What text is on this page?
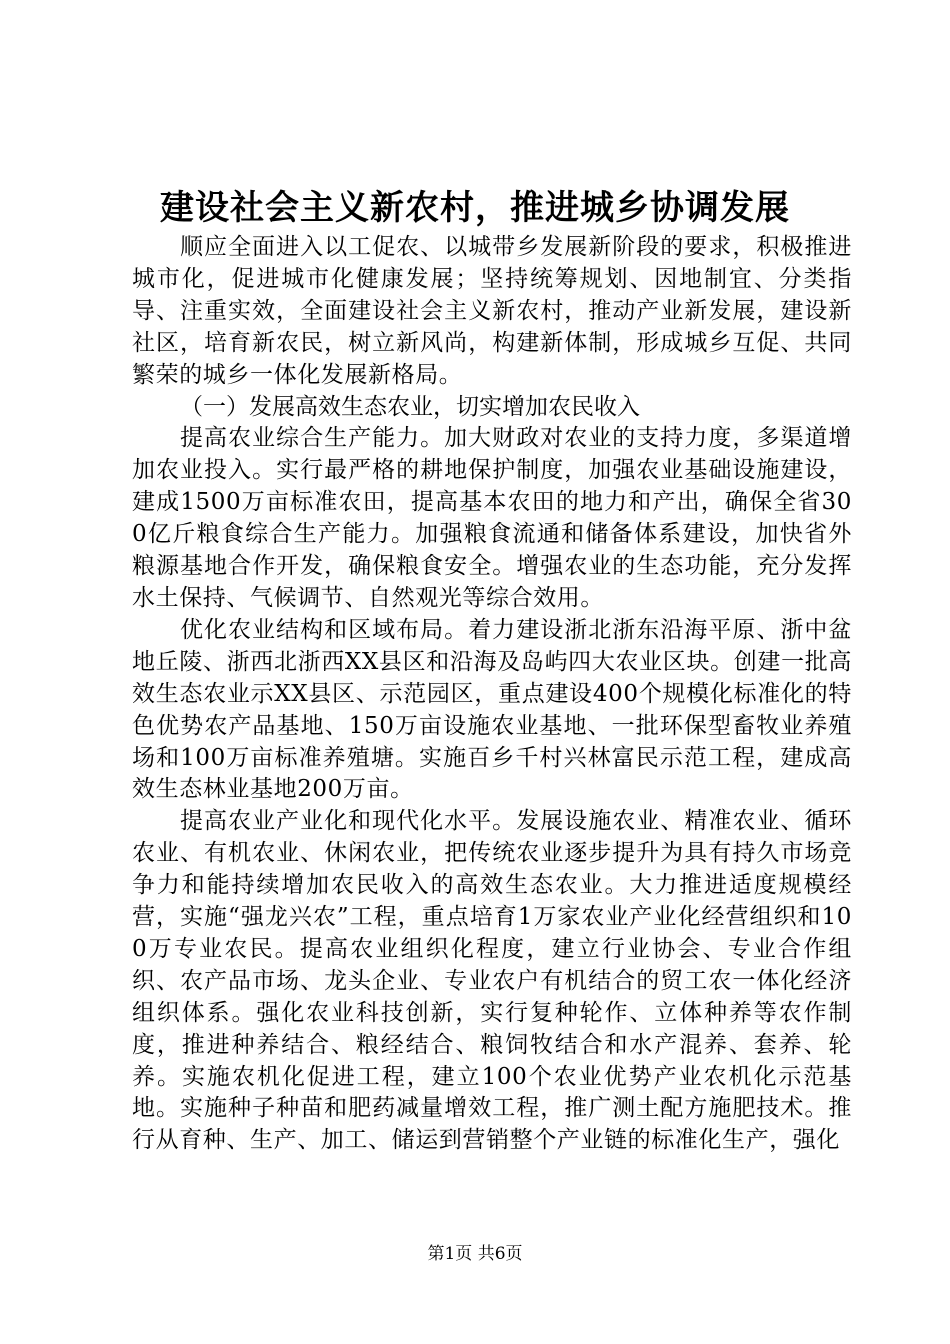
建设社会主义新农村，推进城乡协调发展

顺应全面进入以工促农、以城带乡发展新阶段的要求，积极推进城市化，促进城市化健康发展；坚持统筹规划、因地制宜、分类指导、注重实效，全面建设社会主义新农村，推动产业新发展，建设新社区，培育新农民，树立新风尚，构建新体制，形成城乡互促、共同繁荣的城乡一体化发展新格局。

（一）发展高效生态农业，切实增加农民收入

提高农业综合生产能力。加大财政对农业的支持力度，多渠道增加农业投入。实行最严格的耕地保护制度，加强农业基础设施建设，建成1500万亩标准农田，提高基本农田的地力和产出，确保全省300亿斤粮食综合生产能力。加强粮食流通和储备体系建设，加快省外粮源基地合作开发，确保粮食安全。增强农业的生态功能，充分发挥水土保持、气候调节、自然观光等综合效用。

优化农业结构和区域布局。着力建设浙北浙东沿海平原、浙中盆地丘陵、浙西北浙西XX县区和沿海及岛屿四大农业区块。创建一批高效生态农业示XX县区、示范园区，重点建设400个规模化标准化的特色优势农产品基地、150万亩设施农业基地、一批环保型畜牧业养殖场和100万亩标准养殖塘。实施百乡千村兴林富民示范工程，建成高效生态林业基地200万亩。

提高农业产业化和现代化水平。发展设施农业、精准农业、循环农业、有机农业、休闲农业，把传统农业逐步提升为具有持久市场竞争力和能持续增加农民收入的高效生态农业。大力推进适度规模经营，实施“强龙兴农”工程，重点培育1万家农业产业化经营组织和100万专业农民。提高农业组织化程度，建立行业协会、专业合作组织、农产品市场、龙头企业、专业农户有机结合的贸工农一体化经济组织体系。强化农业科技创新，实行复种轮作、立体种养等农作制度，推进种养结合、粮经结合、粮饲牧结合和水产混养、套养、轮养。实施农机化促进工程，建立100个农业优势产业农机化示范基地。实施种子种苗和肥药减量增效工程，推广测土配方施肥技术。推行从育种、生产、加工、储运到营销整个产业链的标准化生产，强化

第1页 共6页
